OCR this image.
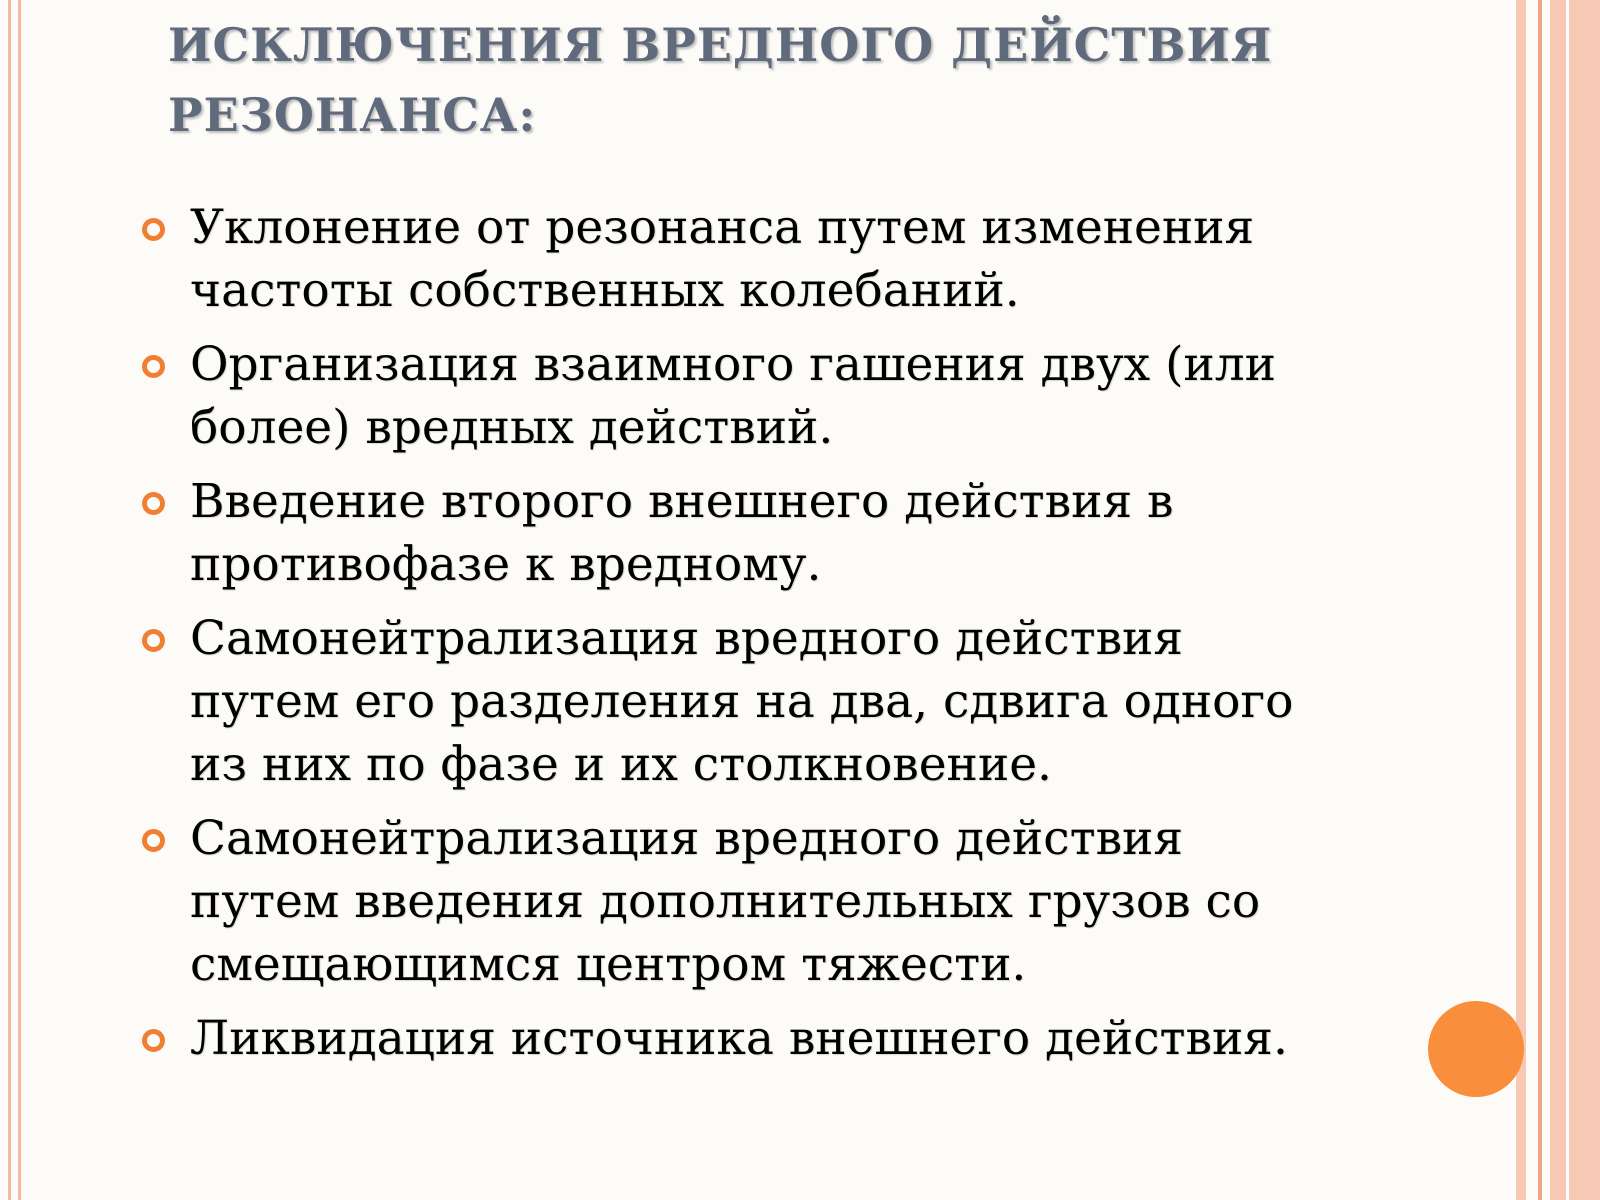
ИСКЛЮЧЕНИЯ ВРЕДНОГО ДЕЙСТВИЯ
РЕЗОНАНСА:
Уклонение от резонанса путем изменения
частоты собственных колебаний.
Организация взаимного гашения двух (или
более) вредных действий.
Введение второго внешнего действия в
противофазе к вредному.
Самонейтрализация вредного действия
путем его разделения на два, сдвига одного
из них по фазе и их столкновение.
Самонейтрализация вредного действия
путем введения дополнительных грузов со
смещающимся центром тяжести.
Ликвидация источника внешнего действия.
